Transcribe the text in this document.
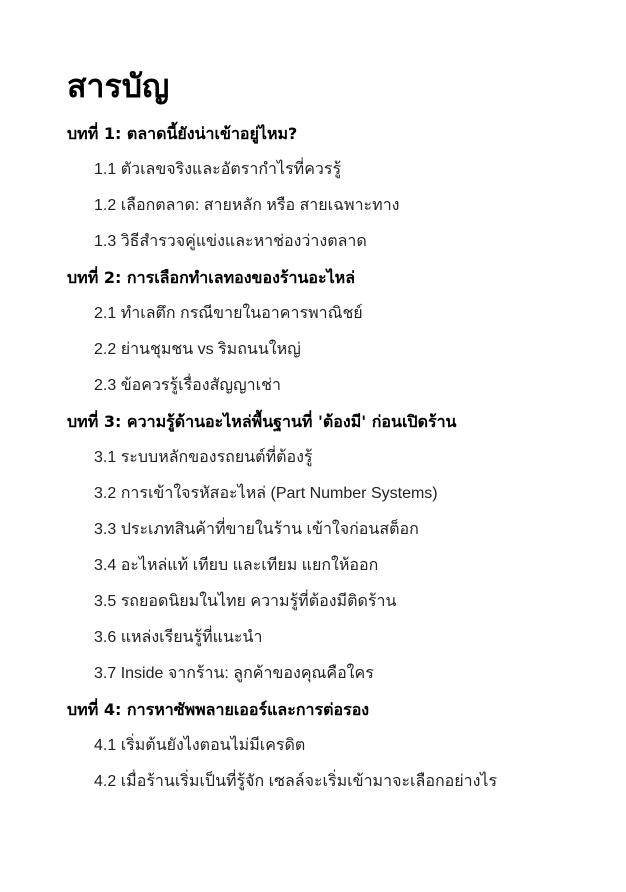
สารบัญ
บทที่ 1: ตลาดนี้ยังน่าเข้าอยู่ไหม?
1.1 ตัวเลขจริงและอัตรากำไรที่ควรรู้
1.2 เลือกตลาด: สายหลัก หรือ สายเฉพาะทาง
1.3 วิธีสำรวจคู่แข่งและหาช่องว่างตลาด
บทที่ 2: การเลือกทำเลทองของร้านอะไหล่
2.1 ทำเลตึก กรณีขายในอาคารพาณิชย์
2.2 ย่านชุมชน vs ริมถนนใหญ่
2.3 ข้อควรรู้เรื่องสัญญาเช่า
บทที่ 3: ความรู้ด้านอะไหล่พื้นฐานที่ 'ต้องมี' ก่อนเปิดร้าน
3.1 ระบบหลักของรถยนต์ที่ต้องรู้
3.2 การเข้าใจรหัสอะไหล่ (Part Number Systems)
3.3 ประเภทสินค้าที่ขายในร้าน เข้าใจก่อนสต็อก
3.4 อะไหล่แท้ เทียบ และเทียม แยกให้ออก
3.5 รถยอดนิยมในไทย ความรู้ที่ต้องมีติดร้าน
3.6 แหล่งเรียนรู้ที่แนะนำ
3.7 Inside จากร้าน: ลูกค้าของคุณคือใคร
บทที่ 4: การหาซัพพลายเออร์และการต่อรอง
4.1 เริ่มต้นยังไงตอนไม่มีเครดิต
4.2 เมื่อร้านเริ่มเป็นที่รู้จัก เซลล์จะเริ่มเข้ามาจะเลือกอย่างไร
